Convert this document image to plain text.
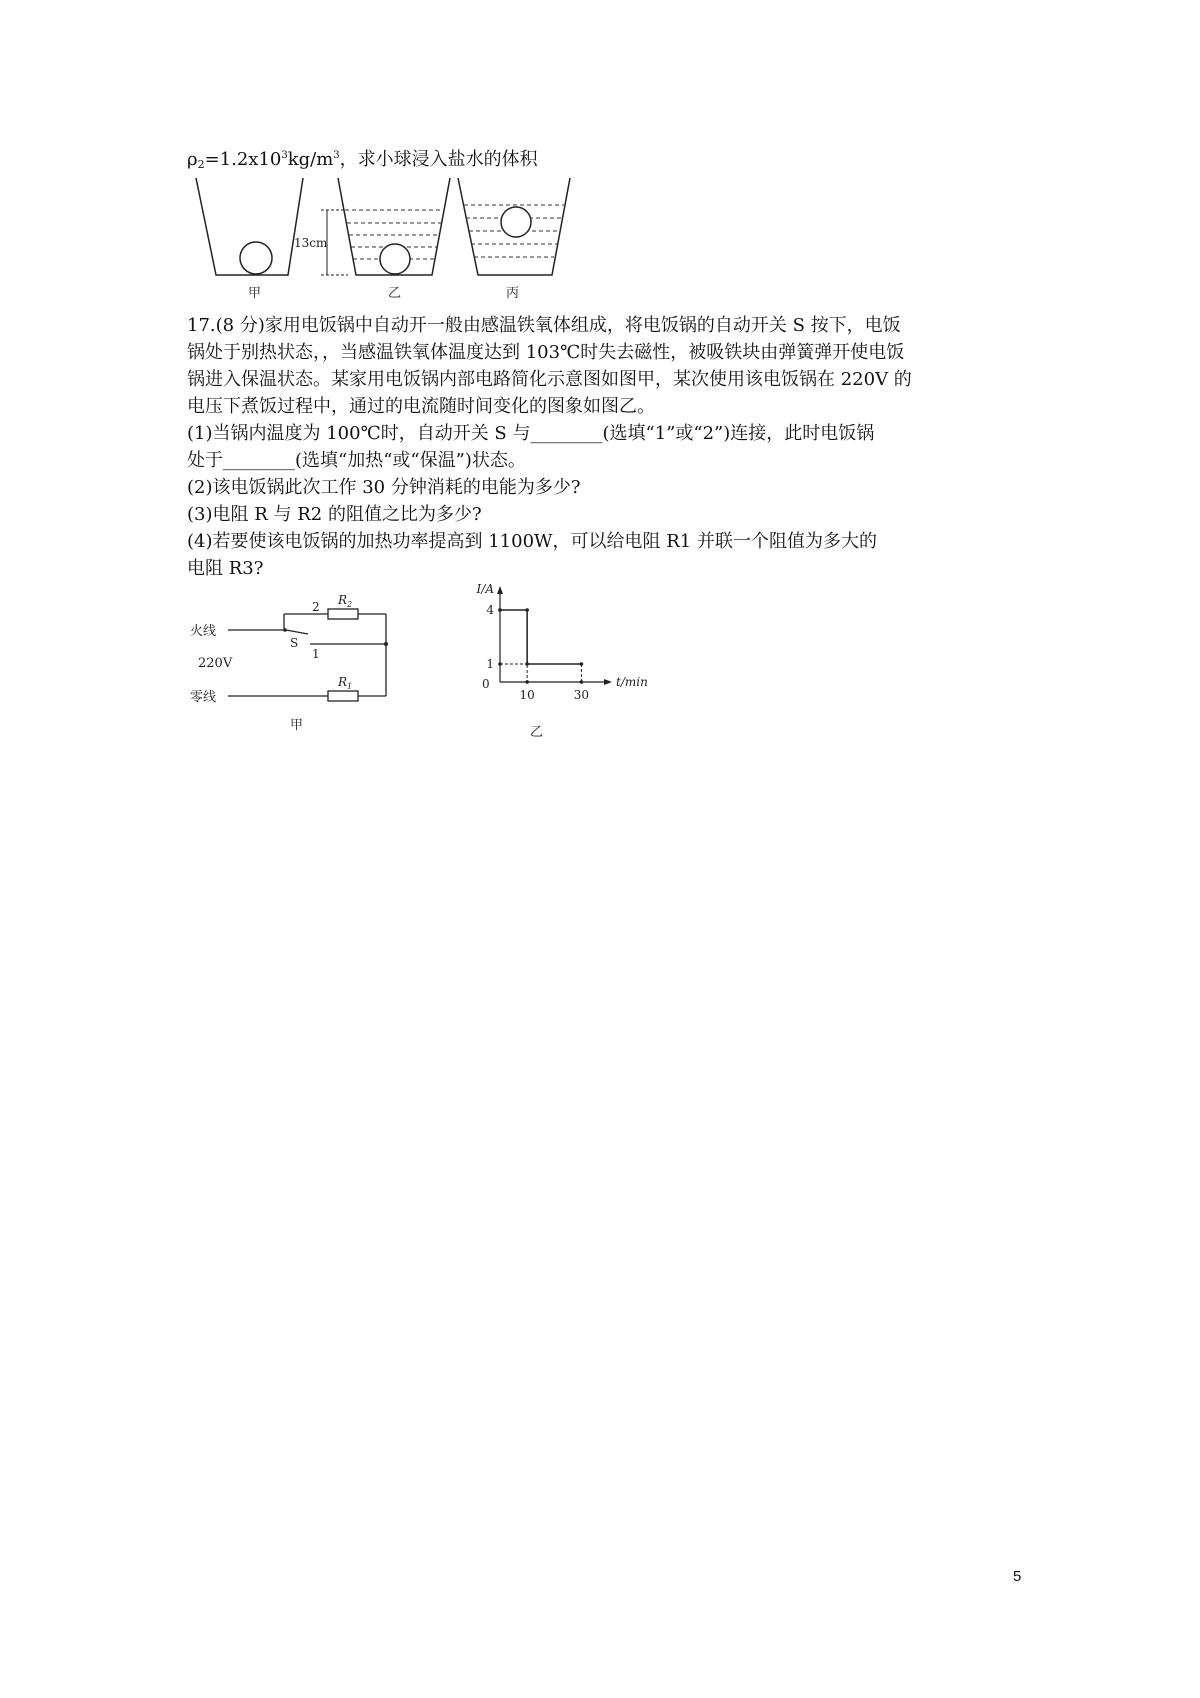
$\rho_2=1.2x10^3kg/m^3$，求小球浸入盐水的体积
甲
13cm
乙	丙
17.(8 分)家用电饭锅中自动开一般由感温铁氧体组成，将电饭锅的自动开关 S 按下，电饭
锅处于别热状态，，当感温铁氧体温度达到 103℃时失去磁性，被吸铁块由弹簧弹开使电饭
锅进入保温状态。某家用电饭锅内部电路简化示意图如图甲，某次使用该电饭锅在 220V 的
电压下煮饭过程中，通过的电流随时间变化的图象如图乙。
(1)当锅内温度为 100℃时，自动开关 S 与________(选填“1”或“2”)连接，此时电饭锅
处于________(选填“加热“或“保温”)状态。
(2)该电饭锅此次工作 30 分钟消耗的电能为多少?
(3)电阻 R 与 R2 的阻值之比为多少?
(4)若要使该电饭锅的加热功率提高到 1100W，可以给电阻 R1 并联一个阻值为多大的
电阻 R3?
火线
220V
零线
2
S
1
$R_2$
$R_1$
甲
I/A
t/min
0
乙
1
4
10	30
5
